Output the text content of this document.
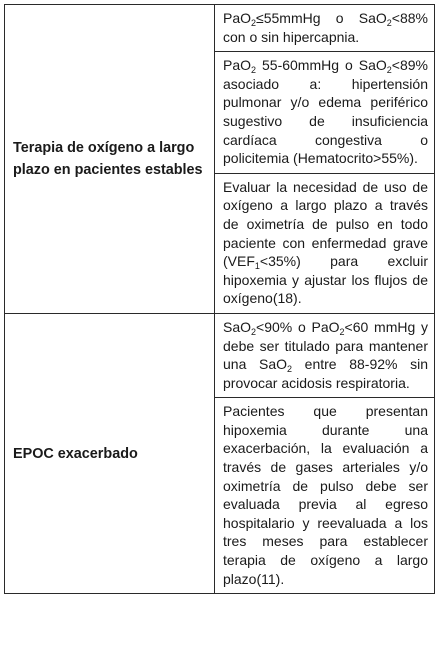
Terapia de oxígeno a largo plazo en pacientes estables	PaO$_2$≤55mmHg o SaO$_2$<88% con o sin hipercapnia.

	PaO$_2$ 55-60mmHg o SaO$_2$<89% asociado a: hipertensión pulmonar y/o edema periférico sugestivo de insuficiencia cardíaca congestiva o policitemia (Hematocrito>55%).

	Evaluar la necesidad de uso de oxígeno a largo plazo a través de oximetría de pulso en todo paciente con enfermedad grave $(VEF_1<35\%)$ para excluir hipoxemia y ajustar los flujos de oxígeno(18).

EPOC exacerbado	SaO$_2$<90% o PaO$_2$<60 mmHg y debe ser titulado para mantener una SaO$_2$ entre 88-92% sin provocar acidosis respiratoria.

	Pacientes que presentan hipoxemia durante una exacerbación, la evaluación a través de gases arteriales y/o oximetría de pulso debe ser evaluada previa al egreso hospitalario y reevaluada a los tres meses para establecer terapia de oxígeno a largo plazo(11).
